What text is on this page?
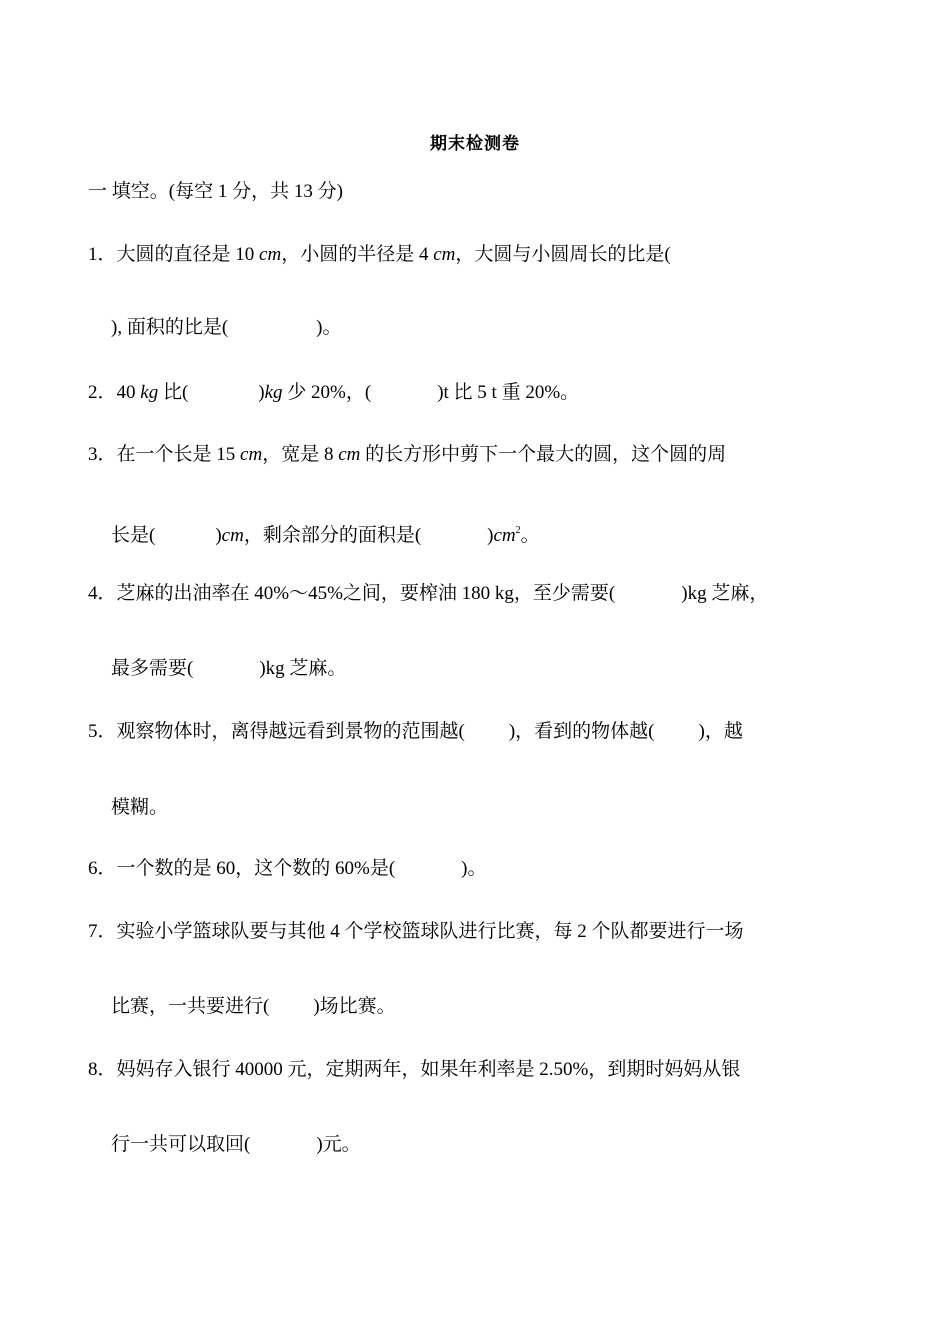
期末检测卷
一 填空。(每空 1 分，共 13 分)
1．大圆的直径是 10 cm，小圆的半径是 4 cm，大圆与小圆周长的比是(
), 面积的比是(	)。
2．40 kg 比(	)kg 少 20%，(	)t 比 5 t 重 20%。
3．在一个长是 15 cm，宽是 8 cm 的长方形中剪下一个最大的圆，这个圆的周
长是(	)cm，剩余部分的面积是(	)$cm^2$。
4．芝麻的出油率在 40%～45%之间，要榨油 180 kg，至少需要(	)kg 芝麻，
最多需要(	)kg 芝麻。
5．观察物体时，离得越远看到景物的范围越( )，看到的物体越( )，越
模糊。
6．一个数的是 60，这个数的 60%是(	)。
7．实验小学篮球队要与其他 4 个学校篮球队进行比赛，每 2 个队都要进行一场
比赛，一共要进行( )场比赛。
8．妈妈存入银行 40000 元，定期两年，如果年利率是 2.50%，到期时妈妈从银
行一共可以取回(	)元。
